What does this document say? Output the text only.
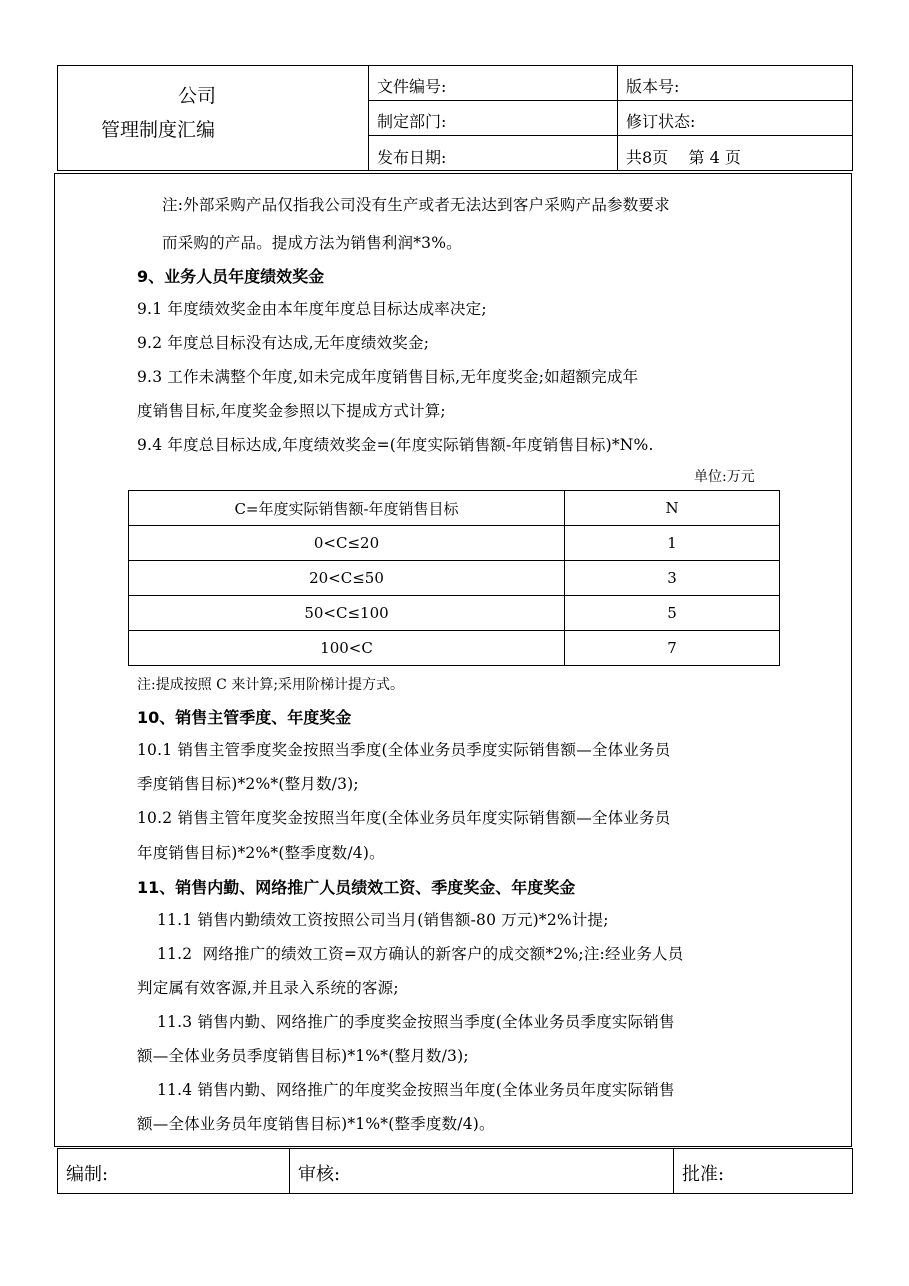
公司
管理制度汇编
文件编号:	版本号:
制定部门:	修订状态:
发布日期:	共8页    第 4 页
注:外部采购产品仅指我公司没有生产或者无法达到客户采购产品参数要求
而采购的产品。提成方法为销售利润*3%。
9、业务人员年度绩效奖金
9.1 年度绩效奖金由本年度年度总目标达成率决定;
9.2 年度总目标没有达成,无年度绩效奖金;
9.3 工作未满整个年度,如未完成年度销售目标,无年度奖金;如超额完成年
度销售目标,年度奖金参照以下提成方式计算;
9.4 年度总目标达成,年度绩效奖金=(年度实际销售额-年度销售目标)*N%.
单位:万元
C=年度实际销售额-年度销售目标	N
0<C≤20	1
20<C≤50	3
50<C≤100	5
100<C	7
注:提成按照 C 来计算;采用阶梯计提方式。
10、销售主管季度、年度奖金
10.1 销售主管季度奖金按照当季度(全体业务员季度实际销售额—全体业务员
季度销售目标)*2%*(整月数/3);
10.2 销售主管年度奖金按照当年度(全体业务员年度实际销售额—全体业务员
年度销售目标)*2%*(整季度数/4)。
11、销售内勤、网络推广人员绩效工资、季度奖金、年度奖金
11.1 销售内勤绩效工资按照公司当月(销售额-80 万元)*2%计提;
11.2  网络推广的绩效工资=双方确认的新客户的成交额*2%;注:经业务人员
判定属有效客源,并且录入系统的客源;
11.3 销售内勤、网络推广的季度奖金按照当季度(全体业务员季度实际销售
额—全体业务员季度销售目标)*1%*(整月数/3);
11.4 销售内勤、网络推广的年度奖金按照当年度(全体业务员年度实际销售
额—全体业务员年度销售目标)*1%*(整季度数/4)。
编制:	审核:	批准:
